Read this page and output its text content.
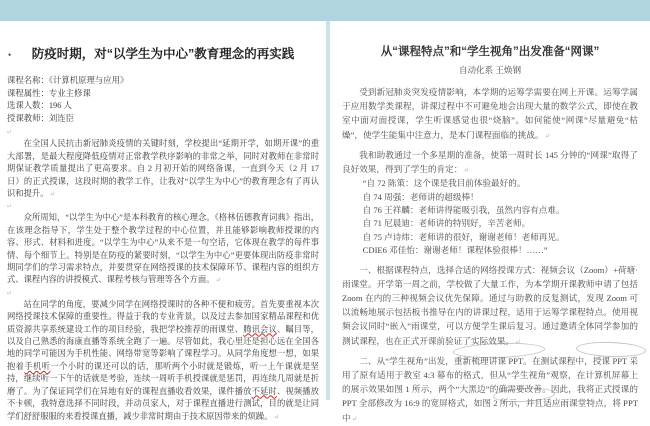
•	防疫时期，对“以学生为中心”教育理念的再实践
课程名称：《计算机原理与应用》
课程属性：专业主修课
选课人数：196 人
授课教师：刘连臣
↵

在全国人民抗击新冠肺炎疫情的关键时刻，学校提出“延期开学，如期开课”的重大部署，是最大程度降低疫情对正常教学秩序影响的非常之举，同时对教师在非常时期保证教学质量提出了更高要求。自 2 月初开始的网络备课，一直到今天（2 月 17 日）的正式授课，这段时期的教学工作，让我对“以学生为中心”的教育理念有了再认识和提升。↵

↵

众所周知，“以学生为中心”是本科教育的核心理念。《格林伍德教育词典》指出，在该理念指导下，学生处于整个教学过程的中心位置，并且能够影响教师授课的内容、形式、材料和进度。“以学生为中心”从来不是一句空话，它体现在教学的每件事情、每个细节上。特别是在防疫的紧要时刻，“以学生为中心”更要体现出防疫非常时期同学们的学习需求特点，并要贯穿在网络授课的技术保障环节、课程内容的组织方式、课程内容的讲授模式、课程考核与管理等各个方面。↵

↵

站在同学的角度，要减少同学在网络授课时的各种不便和疲劳。首先要重视本次网络授课技术保障的重要性。得益于我的专业背景，以及过去参加国家精品课程和优质资源共享系统建设工作的项目经验，我把学校推荐的雨课堂、腾讯会议、瞩目等，以及自己熟悉的海康直播等系统全跑了一遍。尽管如此，我心里还是担心远在全国各地的同学可能因为手机性能、网络带宽等影响了课程学习。从同学角度想一想，如果抱着手机听一个小时的课还可以的话，那听两个小时就是锻炼，听一上午课就是坚持，继续听一下午的话就是考验，连续一周听手机授课就是惩罚，再连续几周就是折磨了。为了保证同学们在异地有好的课程直播收看效果，课件播放不延时、视频播放不卡顿，我特意选择不同时段，并动员家人，对于课程直播进行测试，目的就是让同学们舒舒服服的来看授课直播，减少非常时期由于技术原因带来的烦躁。↵

从“课程特点”和“学生视角”出发准备“网课”
自动化系 王焕钢

受到新冠肺炎突发疫情影响，本学期的运筹学需要在网上开课。运筹学属于应用数学类课程，讲课过程中不可避免地会出现大量的数学公式，即使在教室中面对面授课，学生听课感觉也很“烧脑”。如何能使“网课”尽量避免“枯燥”，使学生能集中注意力，是本门课程面临的挑战。↵

我和助教通过一个多星期的准备，使第一周时长 145 分钟的“网课”取得了良好效果，得到了学生的肯定：↵

“自 72 陈策：这个课是我目前体验最好的。
自 74 周强：老师讲的超级棒！
自 76 王祥麟：老师讲得能吸引我，虽然内容有点难。
自 71 尼晨迪：老师讲的特别好，辛苦老师。
自 75 卢诗炜：老师讲的很好，谢谢老师！老师再见。
CDIE6 邓佳怡：谢谢老师！课程体验很棒！……”

一、根据课程特点，选择合适的网络授课方式：视频会议（Zoom）+荷塘·雨课堂。开学第一周之前，学校做了大量工作，为本学期开课教师申请了包括 Zoom 在内的三种视频会议优先保障。通过与助教的反复测试，发现 Zoom 可以流畅地展示包括板书推导在内的讲课过程，适用于运筹学课程特点。使用视频会议同时“嵌入”雨课堂，可以方便学生课后复习。通过邀请全体同学参加的测试课程，也在正式开课前验证了实际效果。↵

二、从“学生视角”出发，重新梳理讲课 PPT。在测试课程中，授课 PPT 采用了原有适用于教室 4:3 幕布的格式，但从“学生视角”观察，在计算机屏幕上的展示效果如图 1 所示，两个“大黑边”的确需要改善。因此，我将正式授课的 PPT 全部修改为 16:9 的宽屏格式，如图 2 所示，并且适应雨课堂特点，将 PPT 中↵
